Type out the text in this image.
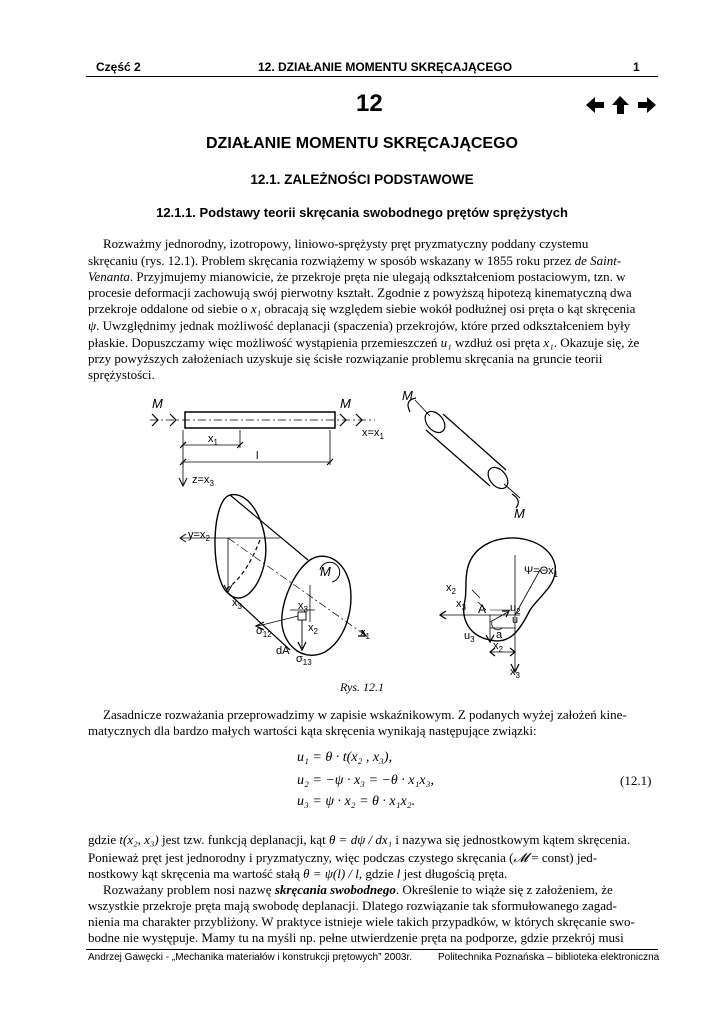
Część 2	12. DZIAŁANIE MOMENTU SKRĘCAJĄCEGO	1
12
DZIAŁANIE MOMENTU SKRĘCAJĄCEGO
12.1. ZALEŻNOŚCI PODSTAWOWE
12.1.1. Podstawy teorii skręcania swobodnego prętów sprężystych
Rozważmy jednorodny, izotropowy, liniowo-sprężysty pręt pryzmatyczny poddany czystemu
skręcaniu (rys. 12.1). Problem skręcania rozwiążemy w sposób wskazany w 1855 roku przez de Saint-
Venanta. Przyjmujemy mianowicie, że przekroje pręta nie ulegają odkształceniom postaciowym, tzn. w
procesie deformacji zachowują swój pierwotny kształt. Zgodnie z powyższą hipotezą kinematyczną dwa
przekroje oddalone od siebie o x₁ obracają się względem siebie wokół podłużnej osi pręta o kąt skręcenia
ψ. Uwzględnimy jednak możliwość deplanacji (spaczenia) przekrojów, które przed odkształceniem były
płaskie. Dopuszczamy więc możliwość wystąpienia przemieszczeń u₁ wzdłuż osi pręta x₁. Okazuje się, że
przy powyższych założeniach uzyskuje się ścisłe rozwiązanie problemu skręcania na gruncie teorii
sprężystości.
M	M
$x=x_1$
$x_1$
l
$z=x_3$
M
M
$y=x_2$
$x_3$
M
$x_3$
$x_2$	$x_1$
$\sigma_{12}$
dA
$\sigma_{13}$
$\Psi=\Theta x_1$
$x_2$
$x_3$ A
a
$u_2$
u
$u_3$
$x_2$
$x_3$
Rys. 12.1
Zasadnicze rozważania przeprowadzimy w zapisie wskaźnikowym. Z podanych wyżej założeń kine-
matycznych dla bardzo małych wartości kąta skręcenia wynikają następujące związki:
u₁ = θ · t(x₂ , x₃),
u₂ = −ψ · x₃ = −θ · x₁x₃,
u₃ = ψ · x₂ = θ · x₁x₂.
(12.1)
gdzie t(x₂, x₃) jest tzw. funkcją deplanacji, kąt θ = dψ / dx₁ i nazywa się jednostkowym kątem skręcenia.
Ponieważ pręt jest jednorodny i pryzmatyczny, więc podczas czystego skręcania (𝓜 = const) jed-
nostkowy kąt skręcenia ma wartość stałą θ = ψ(l) / l, gdzie l jest długością pręta.
Rozważany problem nosi nazwę skręcania swobodnego. Określenie to wiąże się z założeniem, że
wszystkie przekroje pręta mają swobodę deplanacji. Dlatego rozwiązanie tak sformułowanego zagad-
nienia ma charakter przybliżony. W praktyce istnieje wiele takich przypadków, w których skręcanie swo-
bodne nie występuje. Mamy tu na myśli np. pełne utwierdzenie pręta na podporze, gdzie przekrój musi
Andrzej Gawęcki - „Mechanika materiałów i konstrukcji prętowych” 2003r.	Politechnika Poznańska – biblioteka elektroniczna
